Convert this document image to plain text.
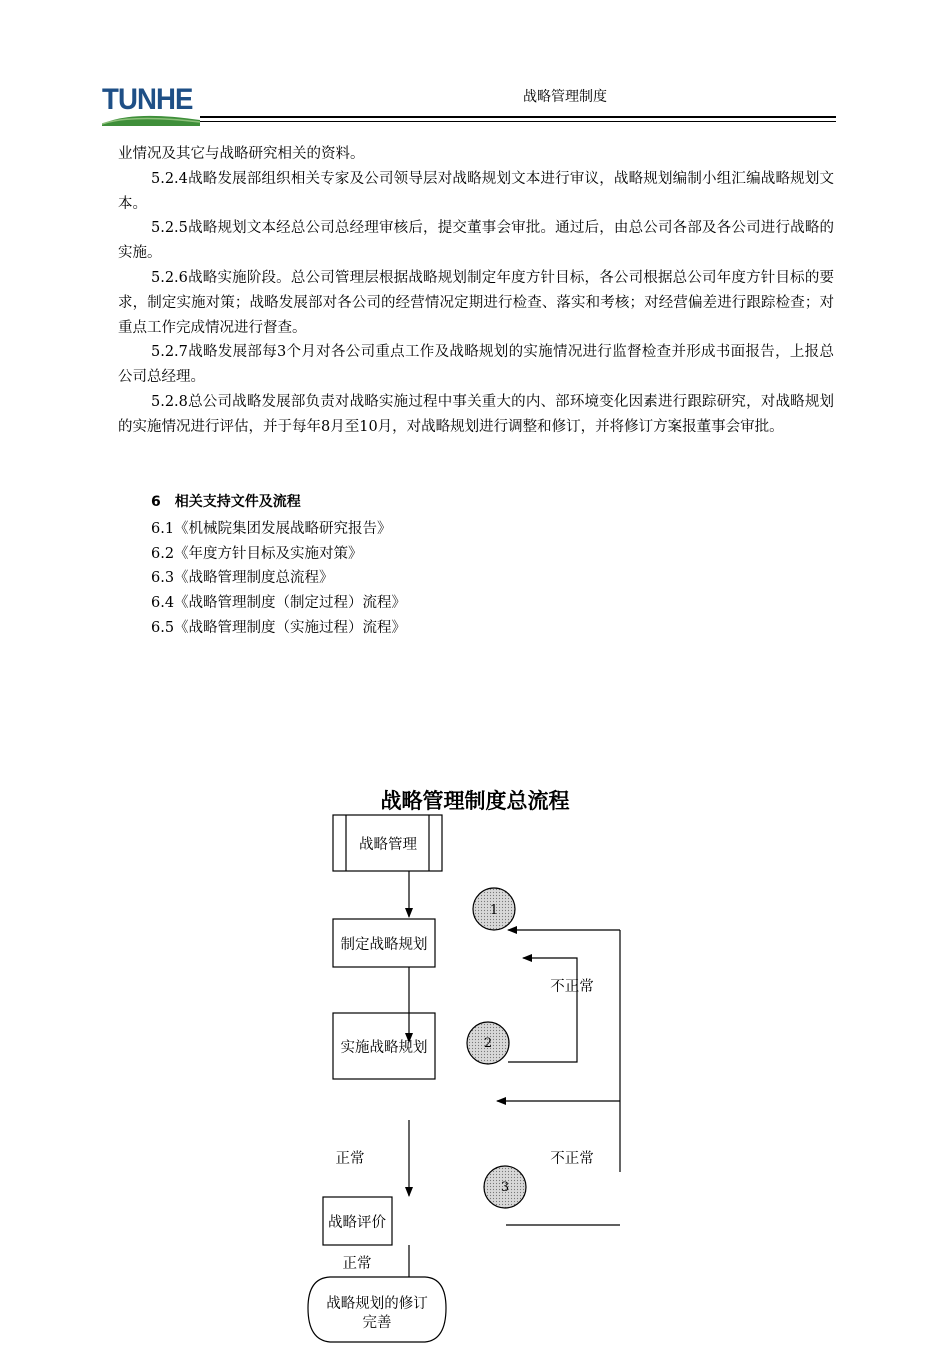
TUNHE	战略管理制度

业情况及其它与战略研究相关的资料。

5.2.4战略发展部组织相关专家及公司领导层对战略规划文本进行审议，战略规划编制小组汇编战略规划文本。

5.2.5战略规划文本经总公司总经理审核后，提交董事会审批。通过后，由总公司各部及各公司进行战略的实施。

5.2.6战略实施阶段。总公司管理层根据战略规划制定年度方针目标，各公司根据总公司年度方针目标的要求，制定实施对策；战略发展部对各公司的经营情况定期进行检查、落实和考核；对经营偏差进行跟踪检查；对重点工作完成情况进行督查。

5.2.7战略发展部每3个月对各公司重点工作及战略规划的实施情况进行监督检查并形成书面报告，上报总公司总经理。

5.2.8总公司战略发展部负责对战略实施过程中事关重大的内、部环境变化因素进行跟踪研究，对战略规划的实施情况进行评估，并于每年8月至10月，对战略规划进行调整和修订，并将修订方案报董事会审批。

6　相关支持文件及流程
6.1《机械院集团发展战略研究报告》
6.2《年度方针目标及实施对策》
6.3《战略管理制度总流程》
6.4《战略管理制度（制定过程）流程》
6.5《战略管理制度（实施过程）流程》
战略管理制度总流程
战略管理
制定战略规划
实施战略规划
1
2
3
不正常
不正常
正常
战略评价
正常
战略规划的修订
完善
